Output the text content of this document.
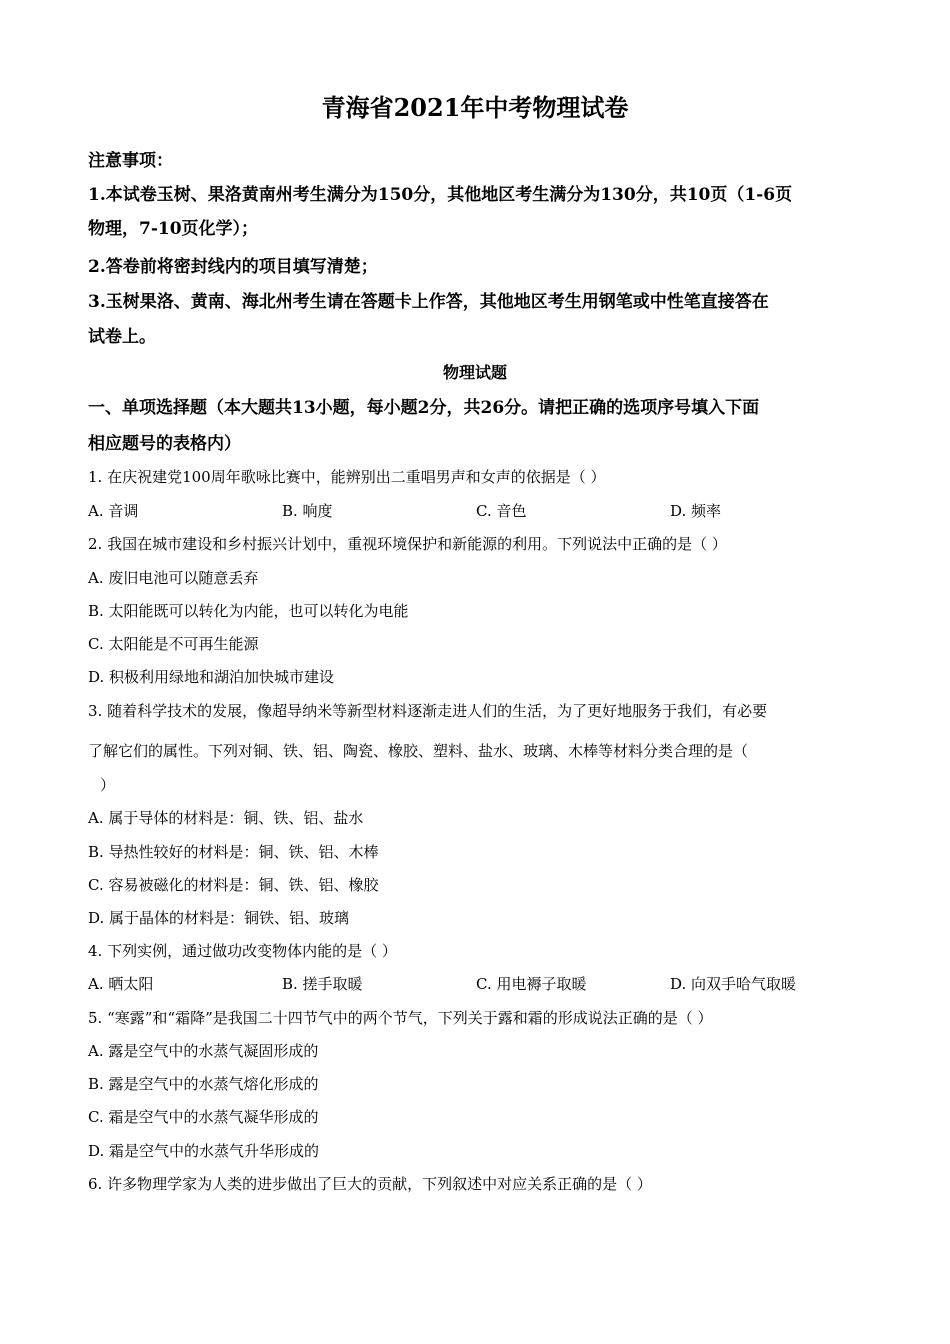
青海省2021年中考物理试卷
注意事项：
1.本试卷玉树、果洛黄南州考生满分为150分，其他地区考生满分为130分，共10页（1-6页
物理，7-10页化学）；
2.答卷前将密封线内的项目填写清楚；
3.玉树果洛、黄南、海北州考生请在答题卡上作答，其他地区考生用钢笔或中性笔直接答在
试卷上。
物理试题
一、单项选择题（本大题共13小题，每小题2分，共26分。请把正确的选项序号填入下面
相应题号的表格内）
1. 在庆祝建党100周年歌咏比赛中，能辨别出二重唱男声和女声的依据是（ ）
A. 音调	B. 响度	C. 音色	D. 频率
2. 我国在城市建设和乡村振兴计划中，重视环境保护和新能源的利用。下列说法中正确的是（ ）
A. 废旧电池可以随意丢弃
B. 太阳能既可以转化为内能，也可以转化为电能
C. 太阳能是不可再生能源
D. 积极利用绿地和湖泊加快城市建设
3. 随着科学技术的发展，像超导纳米等新型材料逐渐走进人们的生活，为了更好地服务于我们，有必要
了解它们的属性。下列对铜、铁、铝、陶瓷、橡胶、塑料、盐水、玻璃、木棒等材料分类合理的是（
）
A. 属于导体的材料是：铜、铁、铝、盐水
B. 导热性较好的材料是：铜、铁、铝、木棒
C. 容易被磁化的材料是：铜、铁、铝、橡胶
D. 属于晶体的材料是：铜铁、铝、玻璃
4. 下列实例，通过做功改变物体内能的是（ ）
A. 晒太阳	B. 搓手取暖	C. 用电褥子取暖	D. 向双手哈气取暖
5. “寒露”和“霜降”是我国二十四节气中的两个节气，下列关于露和霜的形成说法正确的是（ ）
A. 露是空气中的水蒸气凝固形成的
B. 露是空气中的水蒸气熔化形成的
C. 霜是空气中的水蒸气凝华形成的
D. 霜是空气中的水蒸气升华形成的
6. 许多物理学家为人类的进步做出了巨大的贡献，下列叙述中对应关系正确的是（ ）
